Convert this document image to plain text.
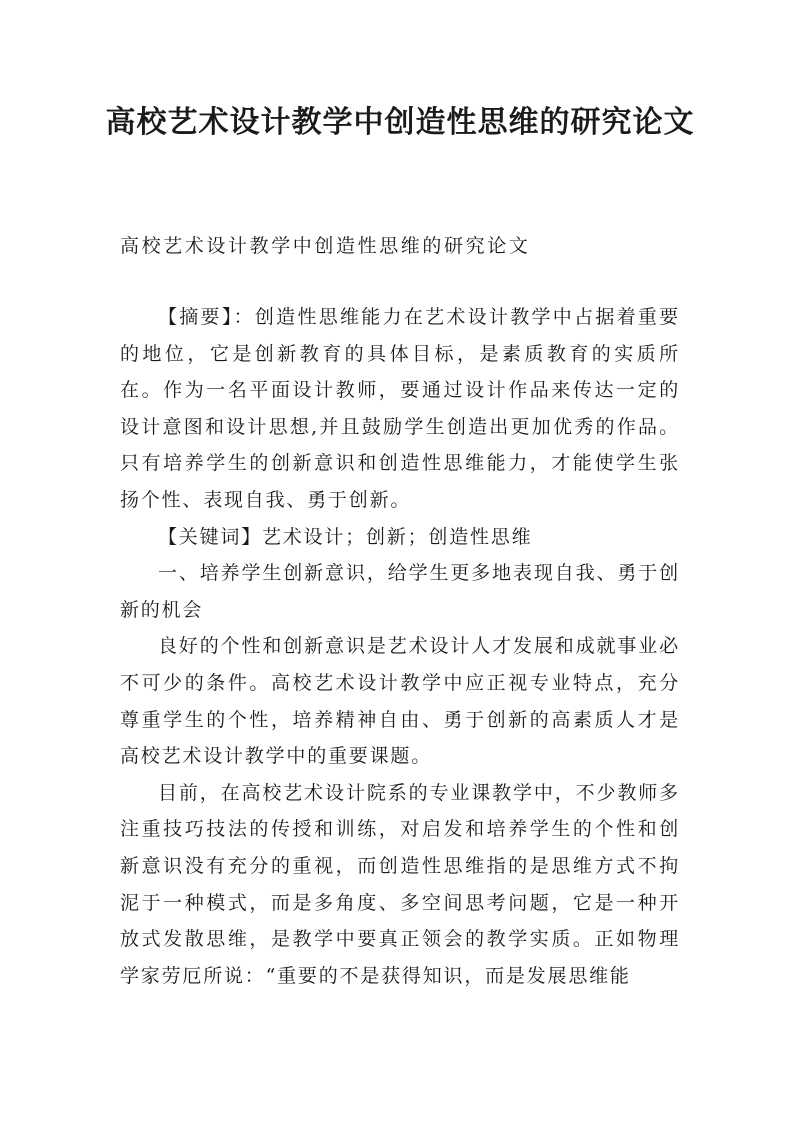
高校艺术设计教学中创造性思维的研究论文
高校艺术设计教学中创造性思维的研究论文

【摘要】：创造性思维能力在艺术设计教学中占据着重要的地位，它是创新教育的具体目标，是素质教育的实质所在。作为一名平面设计教师，要通过设计作品来传达一定的设计意图和设计思想,并且鼓励学生创造出更加优秀的作品。只有培养学生的创新意识和创造性思维能力，才能使学生张扬个性、表现自我、勇于创新。

【关键词】艺术设计；创新；创造性思维

一、培养学生创新意识，给学生更多地表现自我、勇于创新的机会

良好的个性和创新意识是艺术设计人才发展和成就事业必不可少的条件。高校艺术设计教学中应正视专业特点，充分尊重学生的个性，培养精神自由、勇于创新的高素质人才是高校艺术设计教学中的重要课题。

目前，在高校艺术设计院系的专业课教学中，不少教师多注重技巧技法的传授和训练，对启发和培养学生的个性和创新意识没有充分的重视，而创造性思维指的是思维方式不拘泥于一种模式，而是多角度、多空间思考问题，它是一种开放式发散思维，是教学中要真正领会的教学实质。正如物理学家劳厄所说：“重要的不是获得知识，而是发展思维能
